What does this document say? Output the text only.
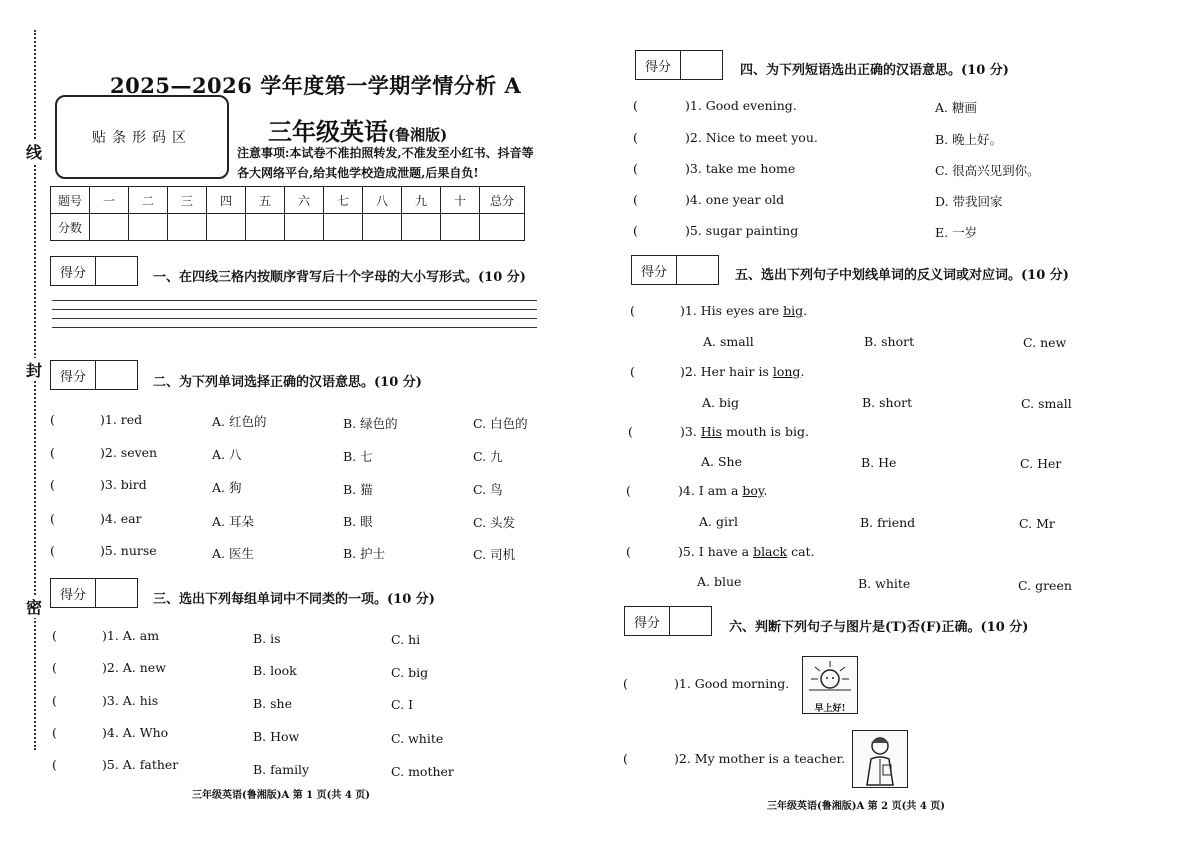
线
封
密
2025—2026 学年度第一学期学情分析 A
贴条形码区	三年级英语(鲁湘版)
注意事项:本试卷不准拍照转发,不准发至小红书、抖音等各大网络平台,给其他学校造成泄题,后果自负!
题号	一	二	三	四	五	六	七	八	九	十	总分
分数											
得分	一、在四线三格内按顺序背写后十个字母的大小写形式。(10 分)
得分	二、为下列单词选择正确的汉语意思。(10 分)
(	)1. red	A. 红色的	B. 绿色的	C. 白色的
(	)2. seven	A. 八	B. 七	C. 九
(	)3. bird	A. 狗	B. 猫	C. 鸟
(	)4. ear	A. 耳朵	B. 眼	C. 头发
(	)5. nurse	A. 医生	B. 护士	C. 司机
得分	三、选出下列每组单词中不同类的一项。(10 分)
(	)1. A. am	B. is	C. hi
(	)2. A. new	B. look	C. big
(	)3. A. his	B. she	C. I
(	)4. A. Who	B. How	C. white
(	)5. A. father	B. family	C. mother
三年级英语(鲁湘版)A 第 1 页(共 4 页)
得分	四、为下列短语选出正确的汉语意思。(10 分)
(	)1. Good evening.	A. 糖画
(	)2. Nice to meet you.	B. 晚上好。
(	)3. take me home	C. 很高兴见到你。
(	)4. one year old	D. 带我回家
(	)5. sugar painting	E. 一岁
得分	五、选出下列句子中划线单词的反义词或对应词。(10 分)
(	)1. His eyes are big.
A. small	B. short	C. new
(	)2. Her hair is long.
A. big	B. short	C. small
(	)3. His mouth is big.
A. She	B. He	C. Her
(	)4. I am a boy.
A. girl	B. friend	C. Mr
(	)5. I have a black cat.
A. blue	B. white	C. green
得分	六、判断下列句子与图片是(T)否(F)正确。(10 分)
(	)1. Good morning.
早上好!
(	)2. My mother is a teacher.
三年级英语(鲁湘版)A 第 2 页(共 4 页)
